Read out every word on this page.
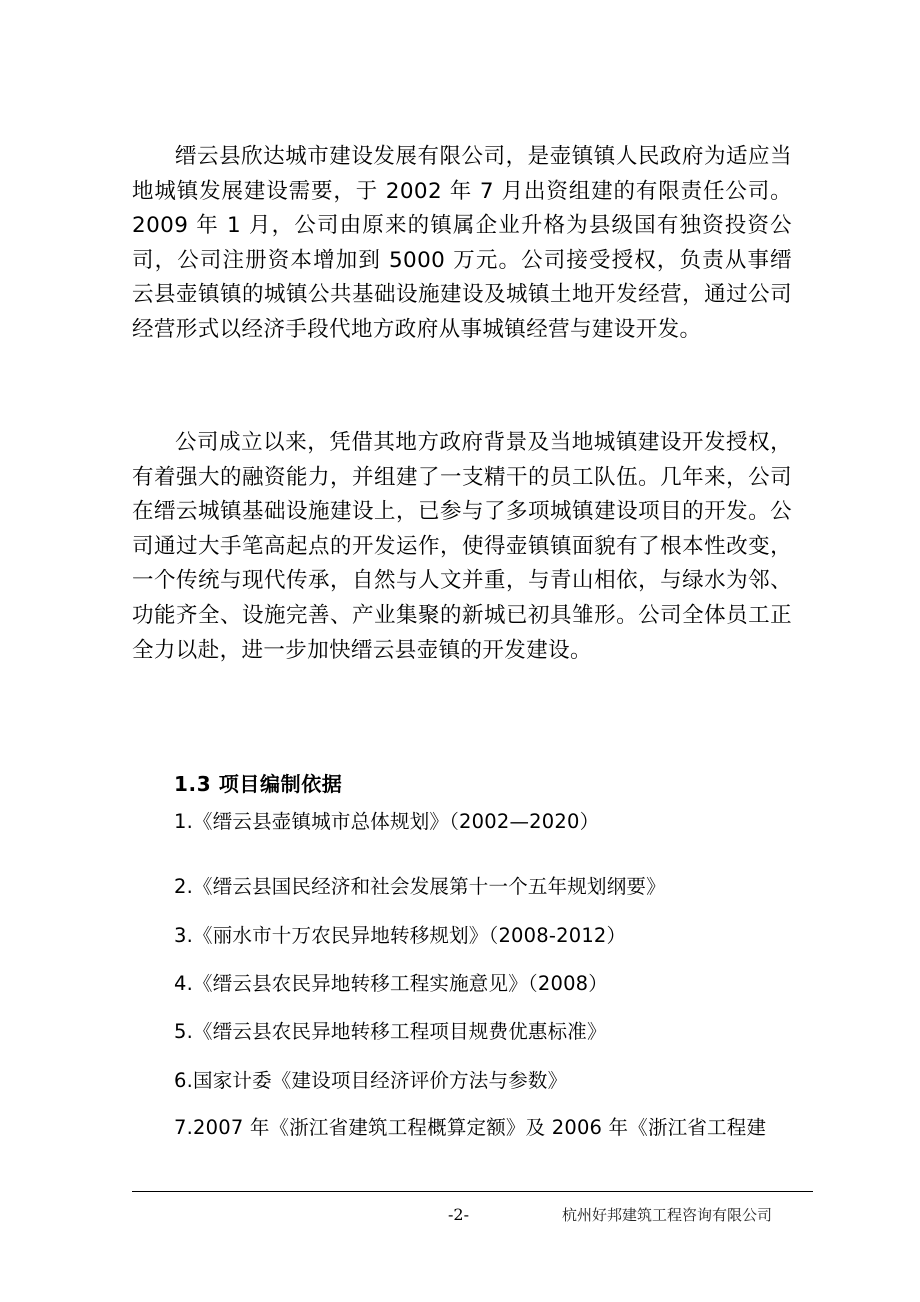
缙云县欣达城市建设发展有限公司，是壶镇镇人民政府为适应当地城镇发展建设需要，于 2002 年 7 月出资组建的有限责任公司。2009 年 1 月，公司由原来的镇属企业升格为县级国有独资投资公司，公司注册资本增加到 5000 万元。公司接受授权，负责从事缙云县壶镇镇的城镇公共基础设施建设及城镇土地开发经营，通过公司经营形式以经济手段代地方政府从事城镇经营与建设开发。

公司成立以来，凭借其地方政府背景及当地城镇建设开发授权，有着强大的融资能力，并组建了一支精干的员工队伍。几年来，公司在缙云城镇基础设施建设上，已参与了多项城镇建设项目的开发。公司通过大手笔高起点的开发运作，使得壶镇镇面貌有了根本性改变，一个传统与现代传承，自然与人文并重，与青山相依，与绿水为邻、功能齐全、设施完善、产业集聚的新城已初具雏形。公司全体员工正全力以赴，进一步加快缙云县壶镇的开发建设。

1.3 项目编制依据
1.《缙云县壶镇城市总体规划》（2002—2020）
2.《缙云县国民经济和社会发展第十一个五年规划纲要》
3.《丽水市十万农民异地转移规划》（2008-2012）
4.《缙云县农民异地转移工程实施意见》（2008）
5.《缙云县农民异地转移工程项目规费优惠标准》
6.国家计委《建设项目经济评价方法与参数》
7.2007 年《浙江省建筑工程概算定额》及 2006 年《浙江省工程建
-2-	杭州好邦建筑工程咨询有限公司
